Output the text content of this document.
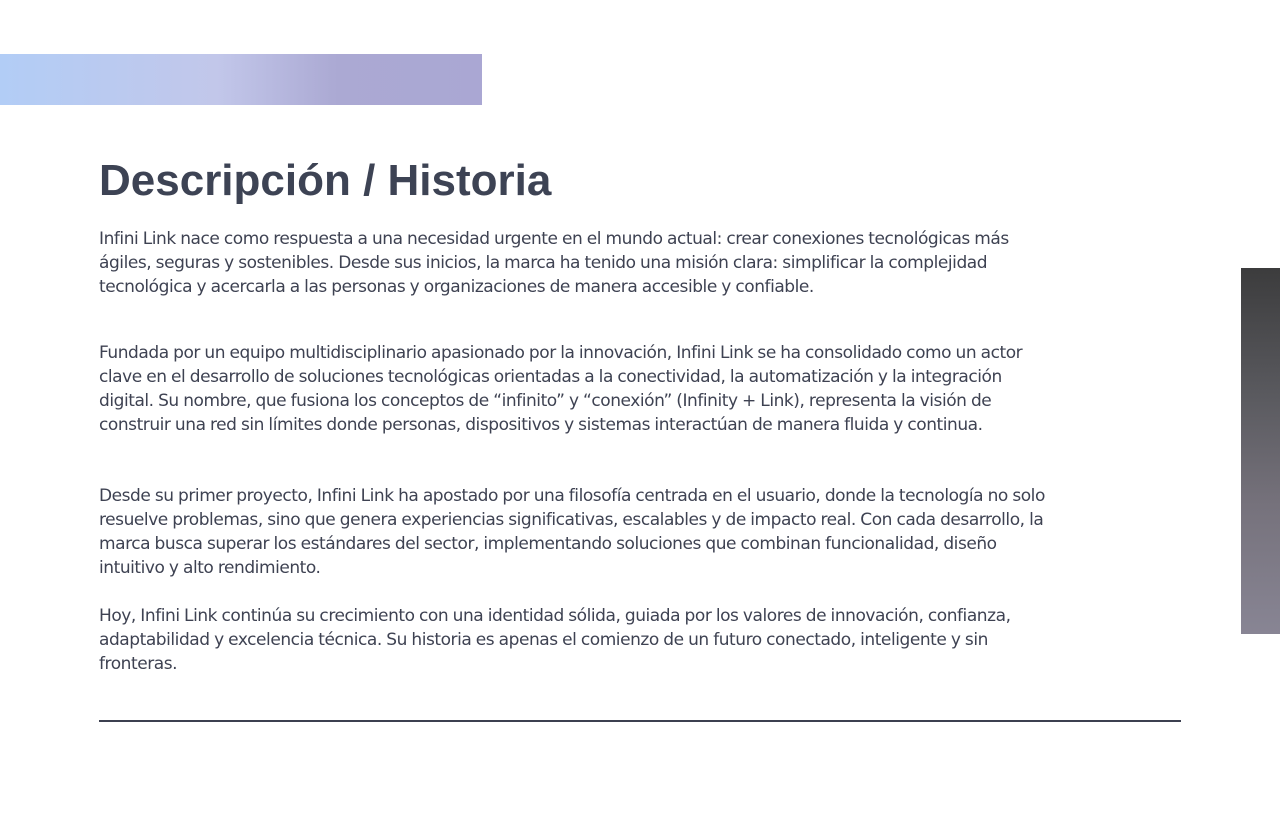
Descripción / Historia

Infini Link nace como respuesta a una necesidad urgente en el mundo actual: crear conexiones tecnológicas más ágiles, seguras y sostenibles. Desde sus inicios, la marca ha tenido una misión clara: simplificar la complejidad tecnológica y acercarla a las personas y organizaciones de manera accesible y confiable.

Fundada por un equipo multidisciplinario apasionado por la innovación, Infini Link se ha consolidado como un actor clave en el desarrollo de soluciones tecnológicas orientadas a la conectividad, la automatización y la integración digital. Su nombre, que fusiona los conceptos de “infinito” y “conexión” (Infinity + Link), representa la visión de construir una red sin límites donde personas, dispositivos y sistemas interactúan de manera fluida y continua.

Desde su primer proyecto, Infini Link ha apostado por una filosofía centrada en el usuario, donde la tecnología no solo resuelve problemas, sino que genera experiencias significativas, escalables y de impacto real. Con cada desarrollo, la marca busca superar los estándares del sector, implementando soluciones que combinan funcionalidad, diseño intuitivo y alto rendimiento.

Hoy, Infini Link continúa su crecimiento con una identidad sólida, guiada por los valores de innovación, confianza, adaptabilidad y excelencia técnica. Su historia es apenas el comienzo de un futuro conectado, inteligente y sin fronteras.
